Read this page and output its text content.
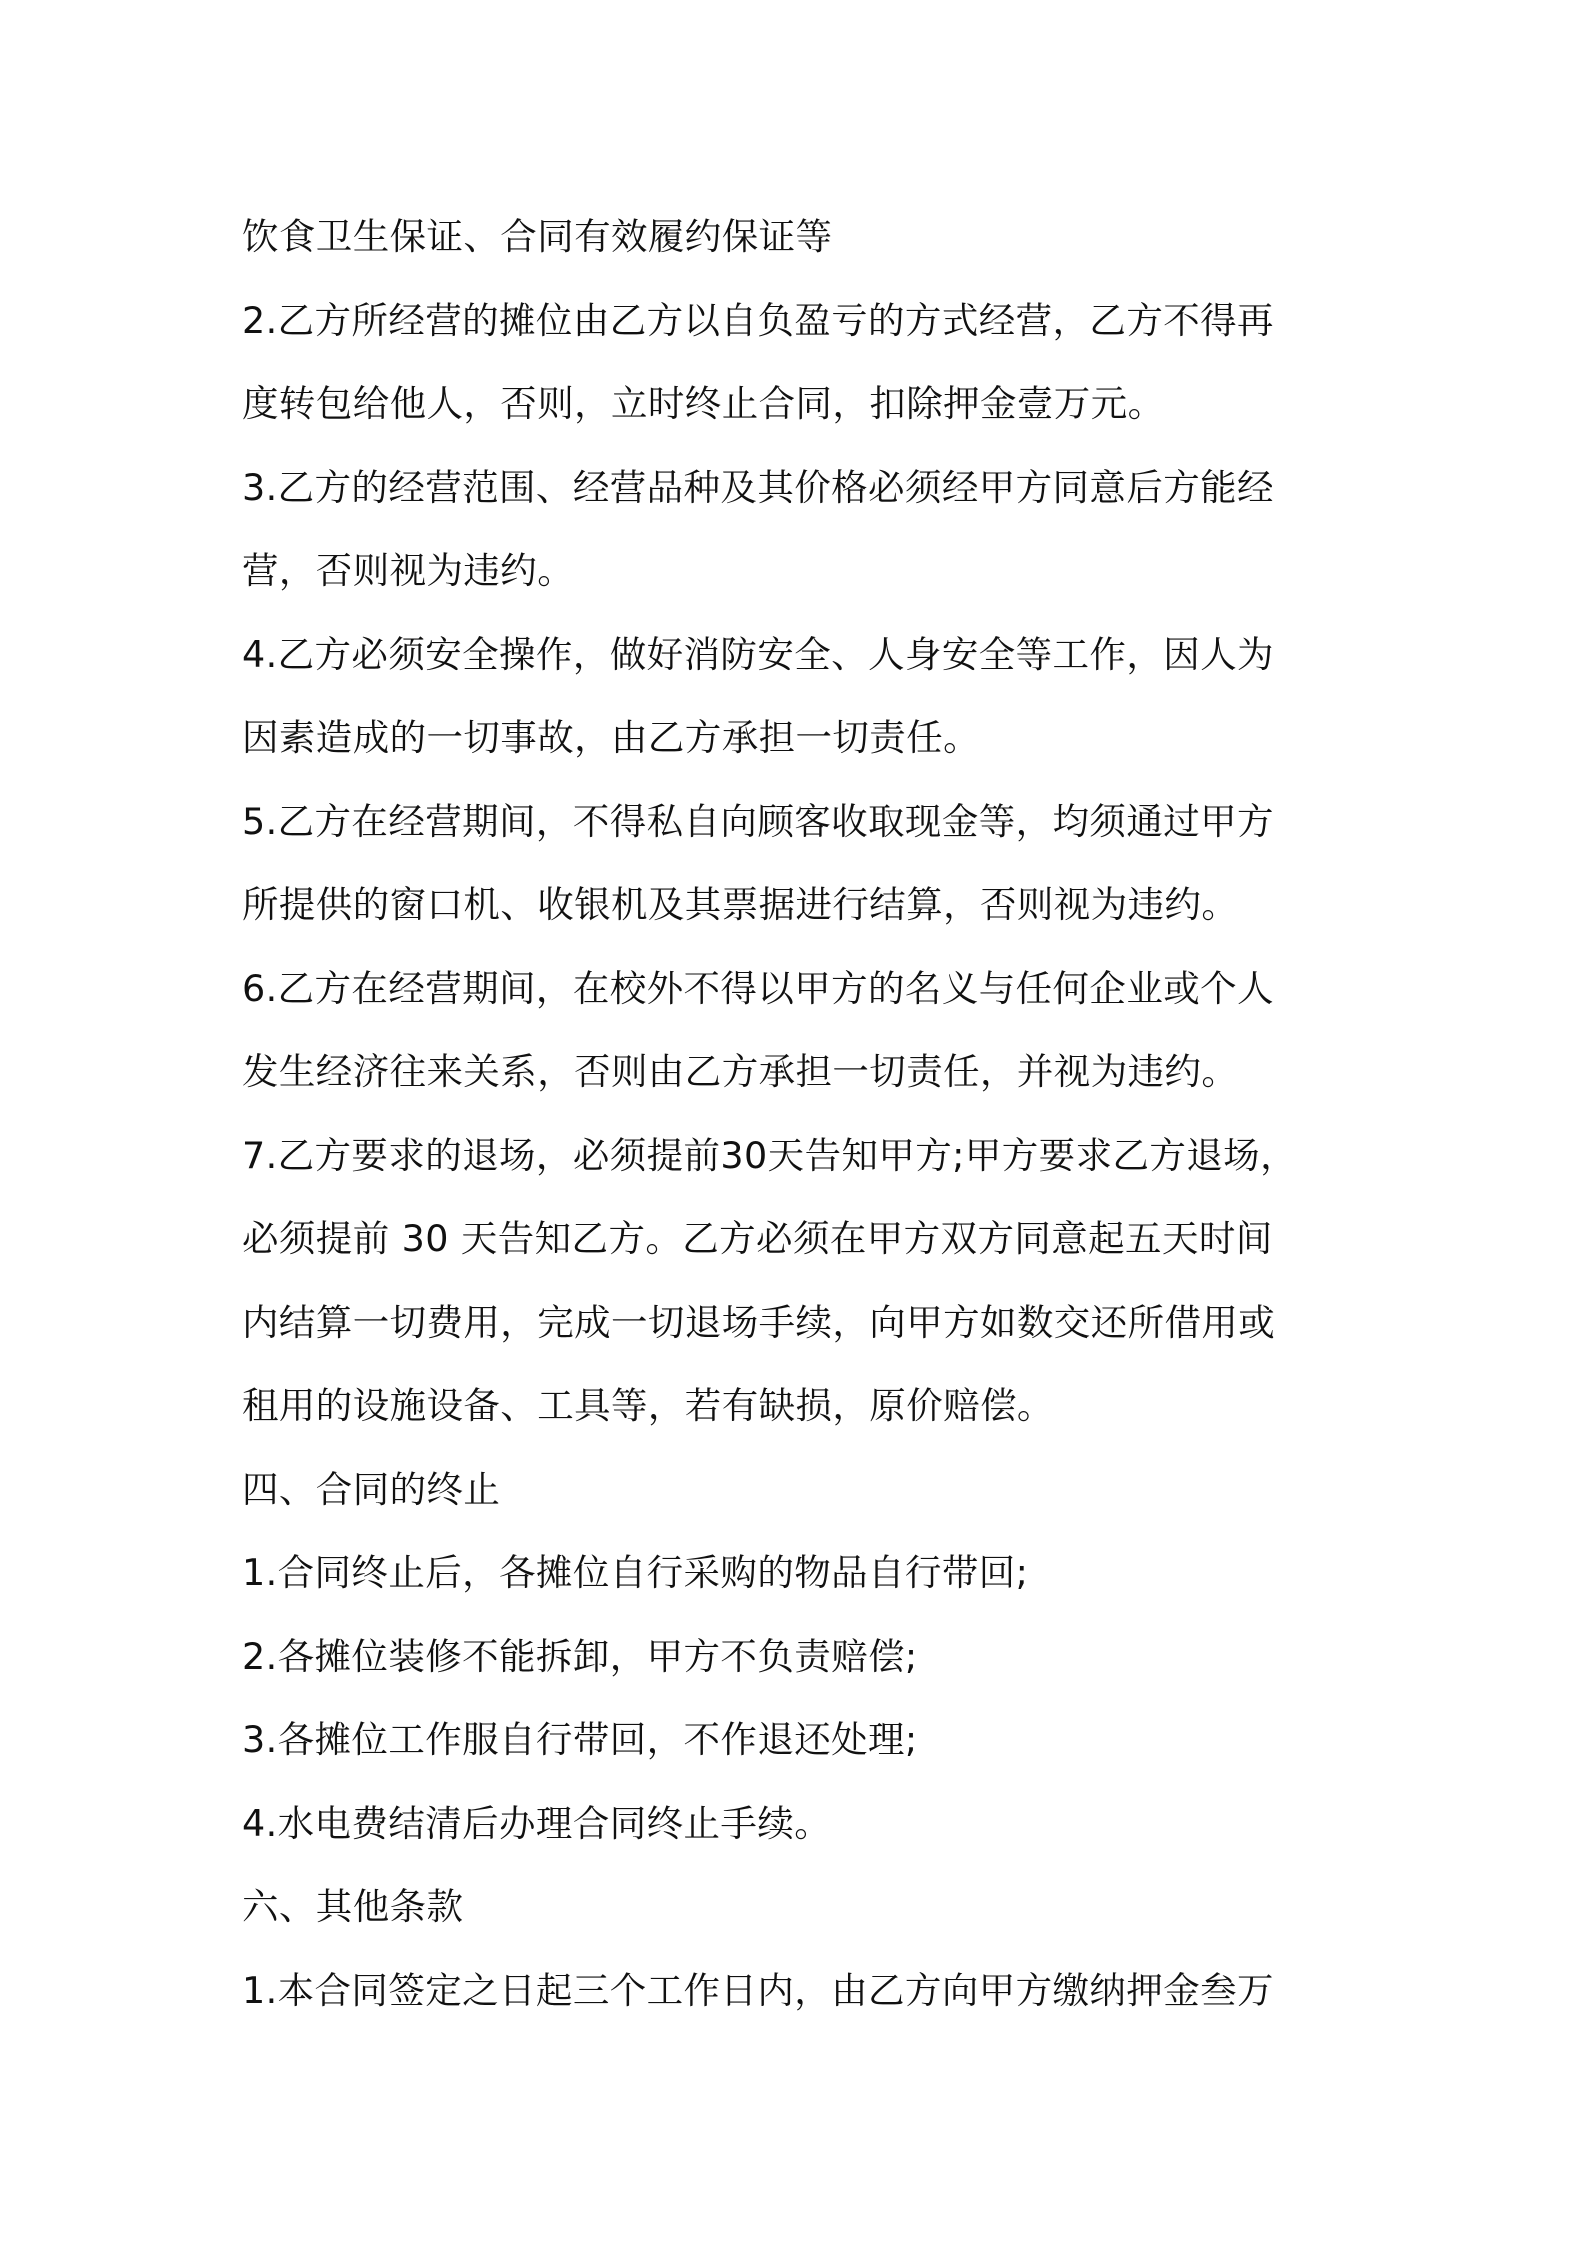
饮食卫生保证、合同有效履约保证等
2.乙方所经营的摊位由乙方以自负盈亏的方式经营，乙方不得再
度转包给他人，否则，立时终止合同，扣除押金壹万元。
3.乙方的经营范围、经营品种及其价格必须经甲方同意后方能经
营，否则视为违约。
4.乙方必须安全操作，做好消防安全、人身安全等工作，因人为
因素造成的一切事故，由乙方承担一切责任。
5.乙方在经营期间，不得私自向顾客收取现金等，均须通过甲方
所提供的窗口机、收银机及其票据进行结算，否则视为违约。
6.乙方在经营期间，在校外不得以甲方的名义与任何企业或个人
发生经济往来关系，否则由乙方承担一切责任，并视为违约。
7.乙方要求的退场，必须提前30天告知甲方;甲方要求乙方退场，
必须提前 30 天告知乙方。乙方必须在甲方双方同意起五天时间
内结算一切费用，完成一切退场手续，向甲方如数交还所借用或
租用的设施设备、工具等，若有缺损，原价赔偿。
四、合同的终止
1.合同终止后，各摊位自行采购的物品自行带回;
2.各摊位装修不能拆卸，甲方不负责赔偿;
3.各摊位工作服自行带回，不作退还处理;
4.水电费结清后办理合同终止手续。
六、其他条款
1.本合同签定之日起三个工作日内，由乙方向甲方缴纳押金叁万
